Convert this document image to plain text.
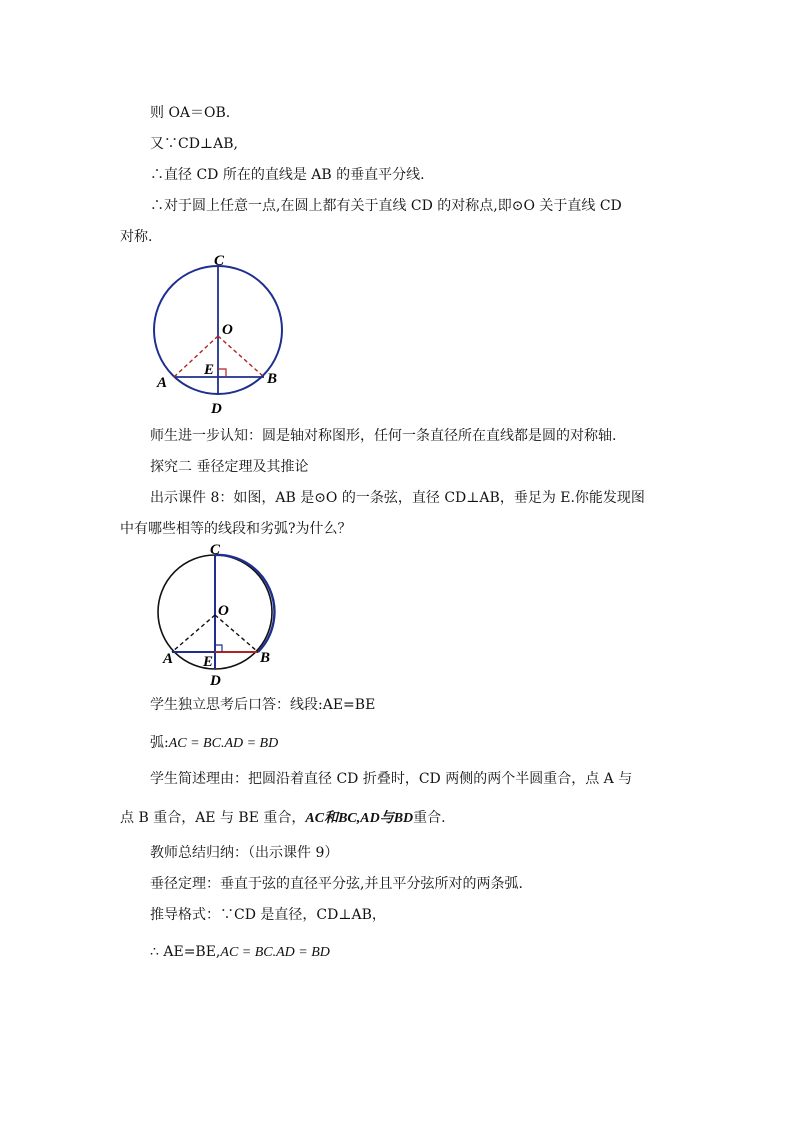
则 OA＝OB.
又∵CD⊥AB,
∴直径 CD 所在的直线是 AB 的垂直平分线.
∴对于圆上任意一点,在圆上都有关于直线 CD 的对称点,即⊙O 关于直线 CD
对称.
C
O
A
E
B
D
师生进一步认知：圆是轴对称图形，任何一条直径所在直线都是圆的对称轴.
探究二 垂径定理及其推论
出示课件 8：如图，AB 是⊙O 的一条弦，直径 CD⊥AB，垂足为 E.你能发现图
中有哪些相等的线段和劣弧?为什么？
C
O
A E	B
D
学生独立思考后口答：线段:AE=BE
弧:AC = BC.AD = BD
学生简述理由：把圆沿着直径 CD 折叠时，CD 两侧的两个半圆重合，点 A 与
点 B 重合，AE 与 BE 重合，AC和BC,AD与BD重合.
教师总结归纳：（出示课件 9）
垂径定理：垂直于弦的直径平分弦,并且平分弦所对的两条弧.
推导格式：∵CD 是直径，CD⊥AB，
∴ AE=BE,AC = BC.AD = BD
